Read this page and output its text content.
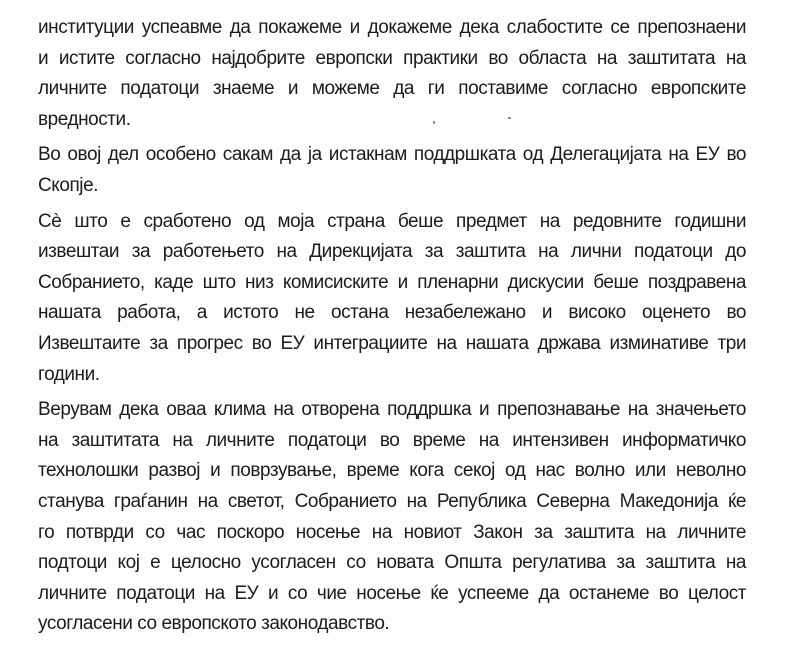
институции успеавме да покажеме и докажеме дека слабостите се препознаени
и истите согласно најдобрите европски практики во областа на заштитата на
личните податоци знаеме и можеме да ги поставиме согласно европските
вредности.
Во овој дел особено сакам да ја истакнам поддршката од Делегацијата на ЕУ во
Скопје.
Сè што е сработено од моја страна беше предмет на редовните годишни
извештаи за работењето на Дирекцијата за заштита на лични податоци до
Собранието, каде што низ комисиските и пленарни дискусии беше поздравена
нашата работа, а истото не остана незабележано и високо оценето во
Извештаите за прогрес во ЕУ интеграциите на нашата држава изминативе три
години.
Верувам дека оваа клима на отворена поддршка и препознавање на значењето
на заштитата на личните податоци во време на интензивен информатичко
технолошки развој и поврзување, време кога секој од нас волно или неволно
станува граѓанин на светот, Собранието на Република Северна Македонија ќе
го потврди со час поскоро носење на новиот Закон за заштита на личните
подтоци кој е целосно усогласен со новата Општа регулатива за заштита на
личните податоци на ЕУ и со чие носење ќе успееме да останеме во целост
усогласени со европското законодавство.
